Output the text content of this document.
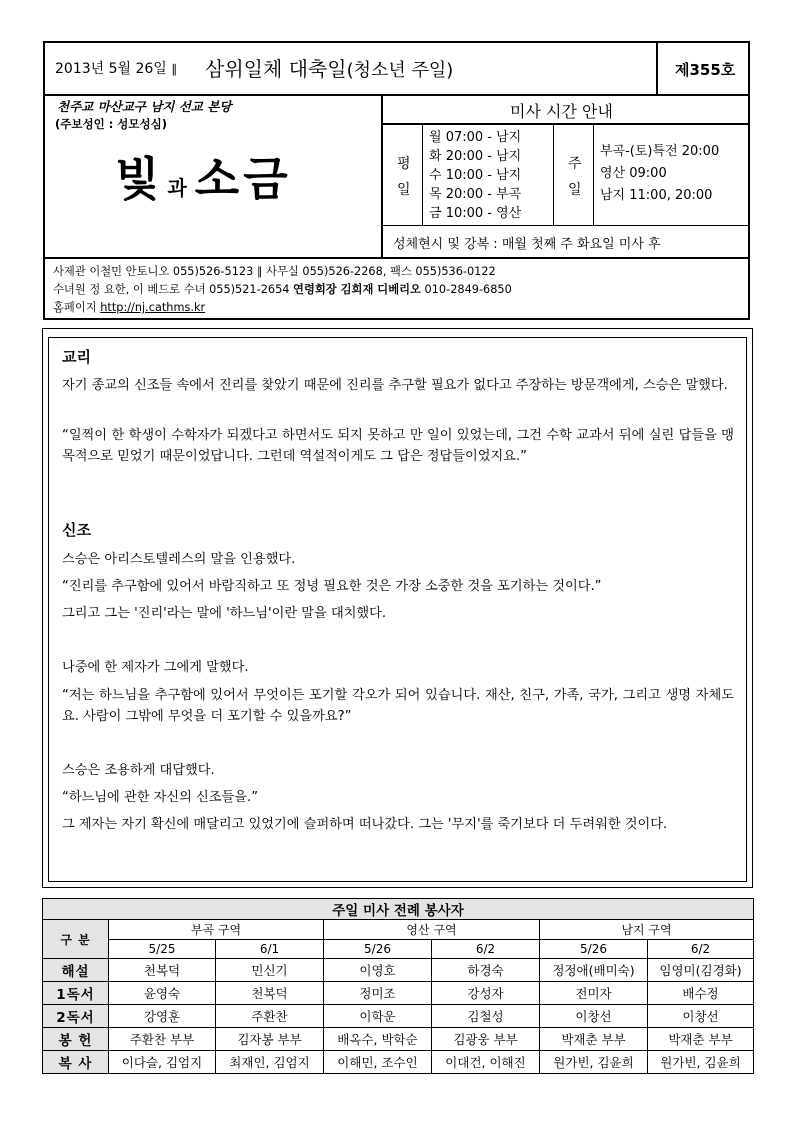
2013년 5월 26일 ∥ 삼위일체 대축일(청소년 주일)	제355호
천주교 마산교구 남지 선교 본당
(주보성인 : 성모성심)
빛과 소금
미사 시간 안내
평
일
월 07:00 - 남지
화 20:00 - 남지
수 10:00 - 남지
목 20:00 - 부곡
금 10:00 - 영산
주
일
부곡-(토)특전 20:00
영산 09:00
남지 11:00, 20:00
성체현시 및 강복 : 매월 첫째 주 화요일 미사 후
사제관 이철민 안토니오 055)526-5123 ∥ 사무실 055)526-2268, 팩스 055)536-0122
수녀원 정 요한, 이 베드로 수녀 055)521-2654 연령회장 김희재 디베리오 010-2849-6850
홈페이지 http://nj.cathms.kr
교리
자기 종교의 신조들 속에서 진리를 찾았기 때문에 진리를 추구할 필요가 없다고 주장하는 방문객에게, 스승은 말했다.
“일찍이 한 학생이 수학자가 되겠다고 하면서도 되지 못하고 만 일이 있었는데, 그건 수학 교과서 뒤에 실린 답들을 맹목적으로 믿었기 때문이었답니다. 그런데 역설적이게도 그 답은 정답들이었지요.”
신조
스승은 아리스토텔레스의 말을 인용했다.
“진리를 추구함에 있어서 바람직하고 또 정녕 필요한 것은 가장 소중한 것을 포기하는 것이다.”
그리고 그는 '진리'라는 말에 '하느님'이란 말을 대치했다.
나중에 한 제자가 그에게 말했다.
“저는 하느님을 추구함에 있어서 무엇이든 포기할 각오가 되어 있습니다. 재산, 친구, 가족, 국가, 그리고 생명 자체도요. 사람이 그밖에 무엇을 더 포기할 수 있을까요?”
스승은 조용하게 대답했다.
“하느님에 관한 자신의 신조들을.”
그 제자는 자기 확신에 매달리고 있었기에 슬퍼하며 떠나갔다. 그는 '무지'를 죽기보다 더 두려워한 것이다.
주일 미사 전례 봉사자						
구 분	부곡 구역		영산 구역		남지 구역	
	5/25	6/1	5/26	6/2	5/26	6/2
해설	천복덕	민신기	이영호	하경숙	정정애(배미숙)	임영미(김경화)
1독서	윤영숙	천복덕	정미조	강성자	전미자	배수정
2독서	강영훈	주환찬	이학운	김철성	이창선	이창선
봉 헌	주환찬 부부	김자봉 부부	배옥수, 박학순	김광웅 부부	박재춘 부부	박재춘 부부
복 사	이다슬, 김엄지	최재인, 김엄지	이해민, 조수인	이대건, 이해진	원가빈, 김윤희	원가빈, 김윤희
